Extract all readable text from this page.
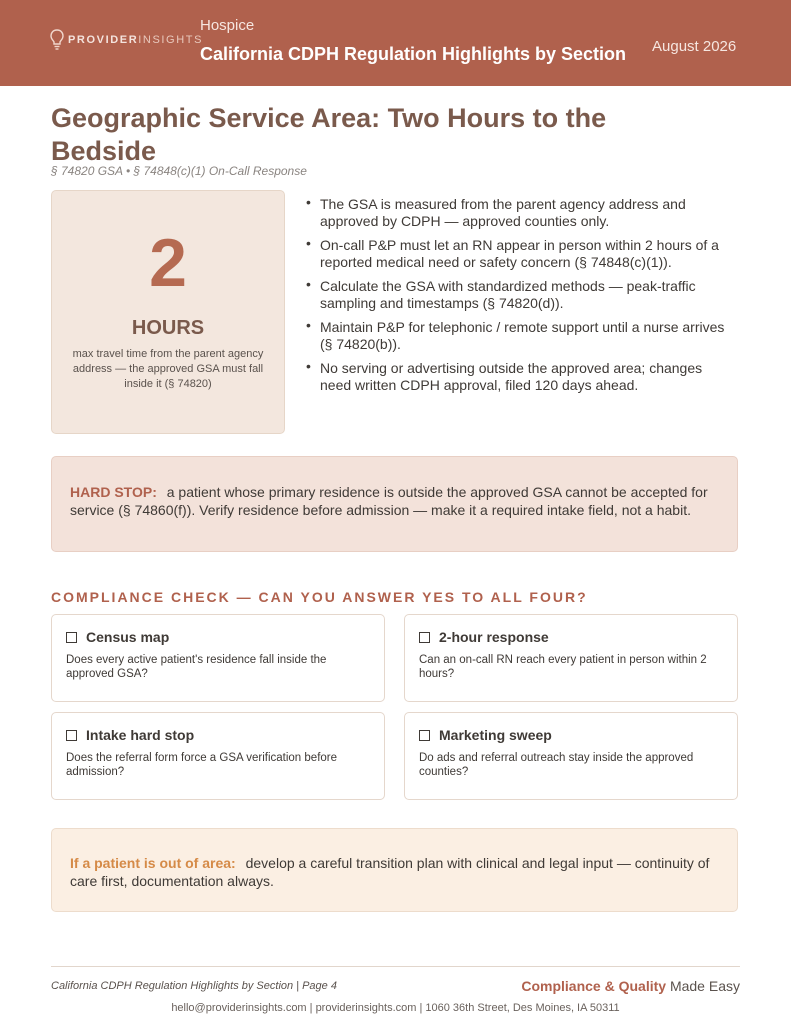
PROVIDERINSIGHTS
Hospice
California CDPH Regulation Highlights by Section August 2026
Geographic Service Area: Two Hours to the Bedside
§ 74820 GSA • § 74848(c)(1) On-Call Response
2
HOURS
max travel time from the parent agency address — the approved GSA must fall inside it (§ 74820)
• The GSA is measured from the parent agency address and approved by CDPH — approved counties only.
• On-call P&P must let an RN appear in person within 2 hours of a reported medical need or safety concern (§ 74848(c)(1)).
• Calculate the GSA with standardized methods — peak-traffic sampling and timestamps (§ 74820(d)).
• Maintain P&P for telephonic / remote support until a nurse arrives (§ 74820(b)).
• No serving or advertising outside the approved area; changes need written CDPH approval, filed 120 days ahead.
HARD STOP: a patient whose primary residence is outside the approved GSA cannot be accepted for service (§ 74860(f)). Verify residence before admission — make it a required intake field, not a habit.
COMPLIANCE CHECK — CAN YOU ANSWER YES TO ALL FOUR?
Census map
Does every active patient's residence fall inside the approved GSA?
2-hour response
Can an on-call RN reach every patient in person within 2 hours?
Intake hard stop
Does the referral form force a GSA verification before admission?
Marketing sweep
Do ads and referral outreach stay inside the approved counties?
If a patient is out of area: develop a careful transition plan with clinical and legal input — continuity of care first, documentation always.
California CDPH Regulation Highlights by Section | Page 4	Compliance & Quality Made Easy
hello@providerinsights.com | providerinsights.com | 1060 36th Street, Des Moines, IA 50311
